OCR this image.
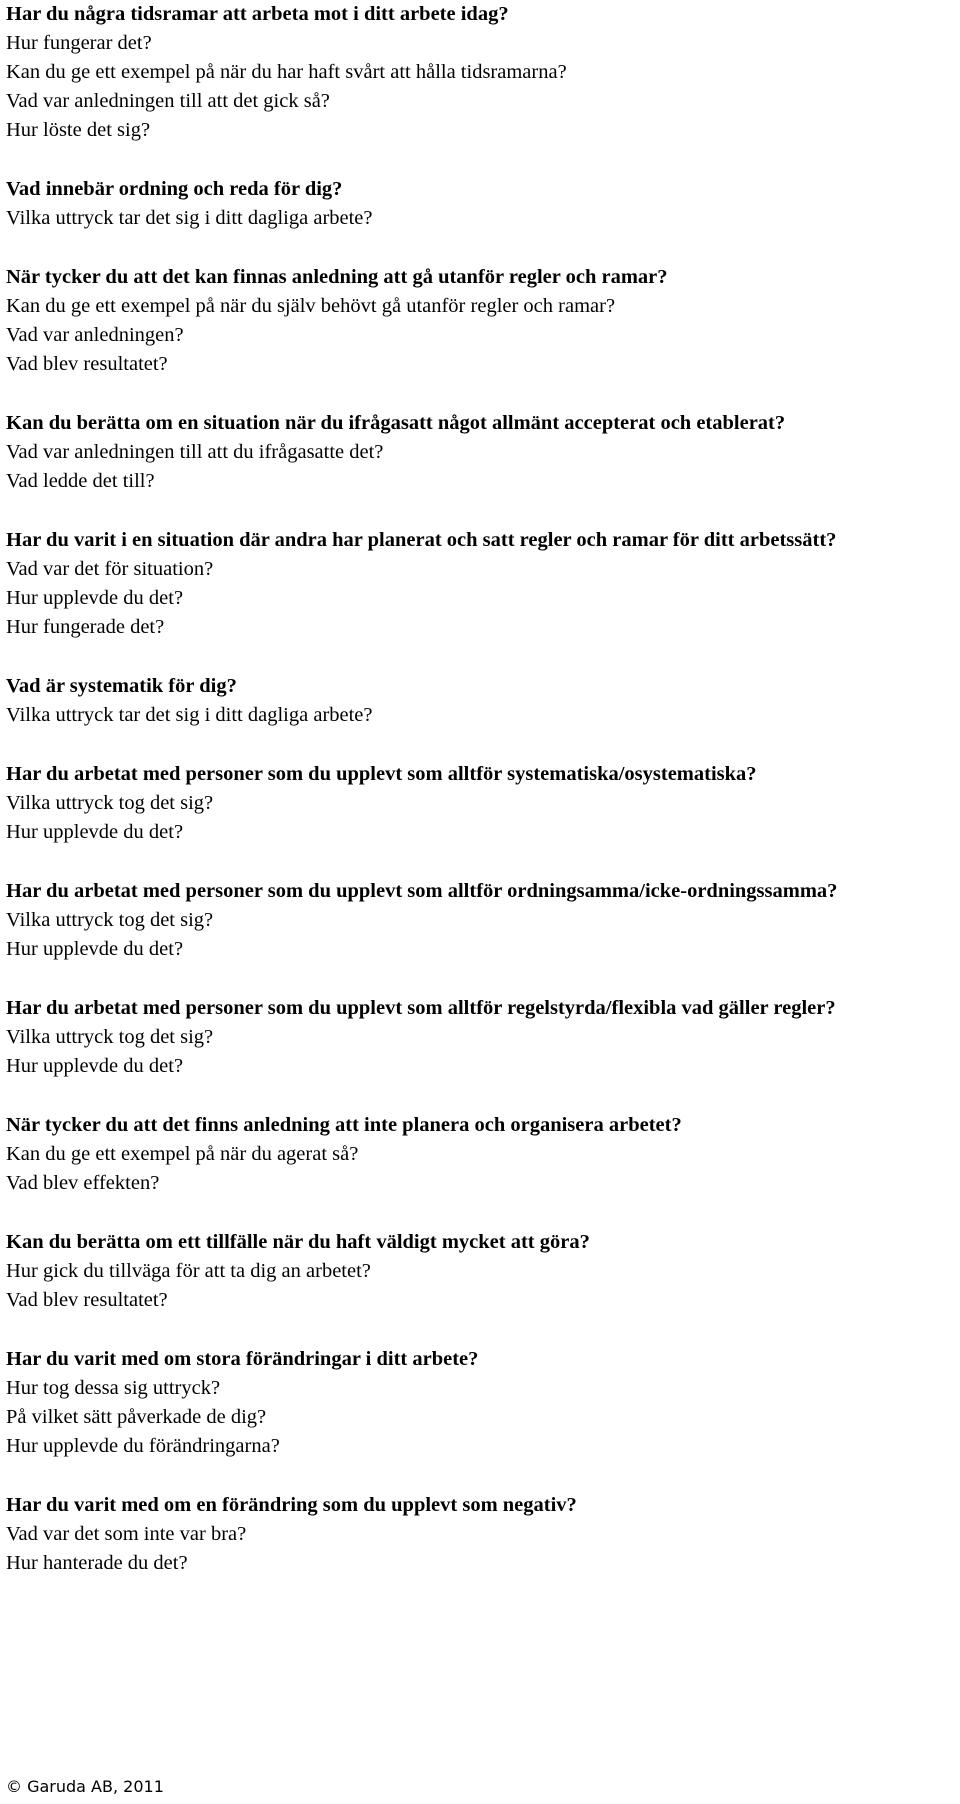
Har du några tidsramar att arbeta mot i ditt arbete idag?

Hur fungerar det?

Kan du ge ett exempel på när du har haft svårt att hålla tidsramarna?

Vad var anledningen till att det gick så?

Hur löste det sig?

Vad innebär ordning och reda för dig?

Vilka uttryck tar det sig i ditt dagliga arbete?

När tycker du att det kan finnas anledning att gå utanför regler och ramar?

Kan du ge ett exempel på när du själv behövt gå utanför regler och ramar?

Vad var anledningen?

Vad blev resultatet?

Kan du berätta om en situation när du ifrågasatt något allmänt accepterat och etablerat?

Vad var anledningen till att du ifrågasatte det?

Vad ledde det till?

Har du varit i en situation där andra har planerat och satt regler och ramar för ditt arbetssätt?

Vad var det för situation?

Hur upplevde du det?

Hur fungerade det?

Vad är systematik för dig?

Vilka uttryck tar det sig i ditt dagliga arbete?

Har du arbetat med personer som du upplevt som alltför systematiska/osystematiska?

Vilka uttryck tog det sig?

Hur upplevde du det?

Har du arbetat med personer som du upplevt som alltför ordningsamma/icke-ordningssamma?

Vilka uttryck tog det sig?

Hur upplevde du det?

Har du arbetat med personer som du upplevt som alltför regelstyrda/flexibla vad gäller regler?

Vilka uttryck tog det sig?

Hur upplevde du det?

När tycker du att det finns anledning att inte planera och organisera arbetet?

Kan du ge ett exempel på när du agerat så?

Vad blev effekten?

Kan du berätta om ett tillfälle när du haft väldigt mycket att göra?

Hur gick du tillväga för att ta dig an arbetet?

Vad blev resultatet?

Har du varit med om stora förändringar i ditt arbete?

Hur tog dessa sig uttryck?

På vilket sätt påverkade de dig?

Hur upplevde du förändringarna?

Har du varit med om en förändring som du upplevt som negativ?

Vad var det som inte var bra?

Hur hanterade du det?

© Garuda AB, 2011
